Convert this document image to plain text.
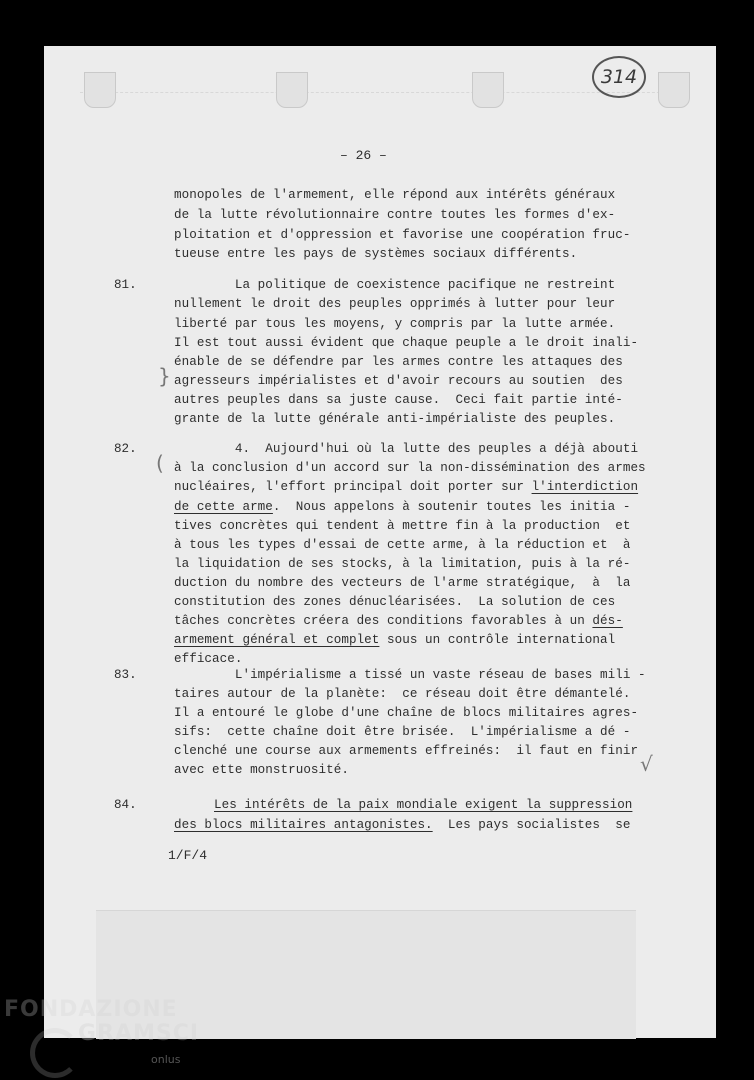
314
– 26 –
monopoles de l'armement, elle répond aux intérêts généraux
de la lutte révolutionnaire contre toutes les formes d'ex-
ploitation et d'oppression et favorise une coopération fruc-
tueuse entre les pays de systèmes sociaux différents.
81.

	La politique de coexistence pacifique ne restreint

nullement le droit des peuples opprimés à lutter pour leur

liberté par tous les moyens, y compris par la lutte armée.

Il est tout aussi évident que chaque peuple a le droit inali-

énable de se défendre par les armes contre les attaques des

agresseurs impérialistes et d'avoir recours au soutien  des

autres peuples dans sa juste cause.  Ceci fait partie inté-

grante de la lutte générale anti-impérialiste des peuples.

}
82.

	4.  Aujourd'hui où la lutte des peuples a déjà abouti

à la conclusion d'un accord sur la non-dissémination des armes

nucléaires, l'effort principal doit porter sur l'interdiction

de cette arme.  Nous appelons à soutenir toutes les initia -

tives concrètes qui tendent à mettre fin à la production  et

à tous les types d'essai de cette arme, à la réduction et  à

la liquidation de ses stocks, à la limitation, puis à la ré-

duction du nombre des vecteurs de l'arme stratégique,  à  la

constitution des zones dénucléarisées.  La solution de ces

tâches concrètes créera des conditions favorables à un dés-

armement général et complet sous un contrôle international

efficace.

(
83.

	L'impérialisme a tissé un vaste réseau de bases mili -

taires autour de la planète:  ce réseau doit être démantelé.

Il a entouré le globe d'une chaîne de blocs militaires agres-

sifs:  cette chaîne doit être brisée.  L'impérialisme a dé -

clenché une course aux armements effreinés:  il faut en finir

avec ette monstruosité.

	√
84.

	Les intérêts de la paix mondiale exigent la suppression

des blocs militaires antagonistes.  Les pays socialistes  se

1/F/4
FONDAZIONE
GRAMSCI
onlus
